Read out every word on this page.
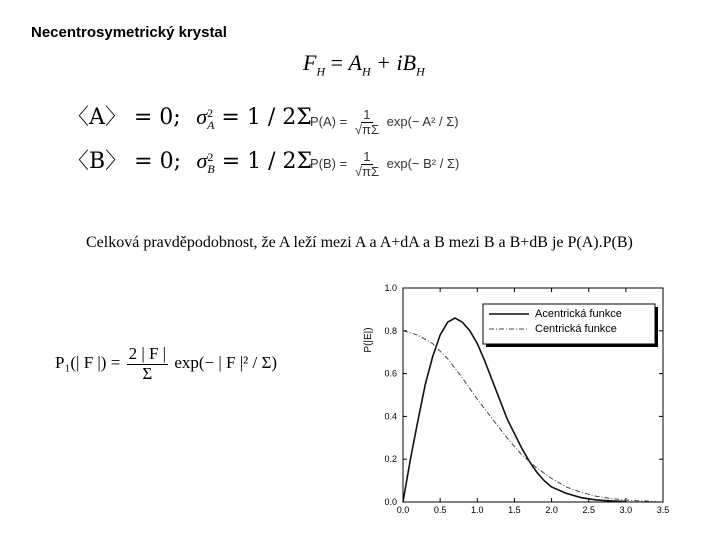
Necentrosymetrický krystal
$F_H = A_H + iB_H$
〈A〉 = 0; σ 2
A = 1 / 2Σ
〈B〉 = 0; σ 2
B = 1 / 2Σ
$P(A) = \frac{1}{√\pi\Sigma} \exp(- A^2 / \Sigma)$
$P(B) = \frac{1}{√\pi\Sigma} \exp(- B^2 / \Sigma)$
Celková pravděpodobnost, že A leží mezi A a A+dA a B mezi B a B+dB je P(A).P(B)
P₁(| F |) = $\frac{2 | F |}{\Sigma} \exp(-$ | F |² / Σ)
0.0
0.2
0.4
0.6
0.8
1.0
0.0	0.5	1.0	1.5	2.0	2.5	3.0	3.5
P(|E|)
Acentrická funkce
Centrická funkce
